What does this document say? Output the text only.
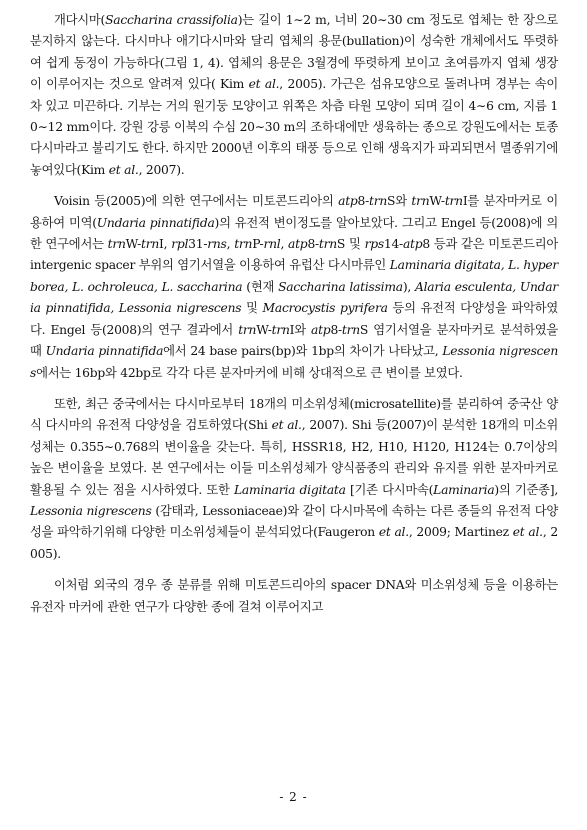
개다시마(Saccharina crassifolia)는 길이 1∼2 m, 너비 20∼30 cm 정도로 엽체는 한 장으로 분지하지 않는다. 다시마나 애기다시마와 달리 엽체의 용문(bullation)이 성숙한 개체에서도 뚜렷하여 쉽게 동정이 가능하다(그림 1, 4). 엽체의 용문은 3월경에 뚜렷하게 보이고 초여름까지 엽체 생장이 이루어지는 것으로 알려져 있다( Kim et al., 2005). 가근은 섬유모양으로 돌려나며 경부는 속이 차 있고 미끈하다. 기부는 거의 원기둥 모양이고 위쪽은 차츰 타원 모양이 되며 길이 4∼6 cm, 지름 10∼12 mm이다. 강원 강릉 이북의 수심 20∼30 m의 조하대에만 생육하는 종으로 강원도에서는 토종다시마라고 불리기도 한다. 하지만 2000년 이후의 태풍 등으로 인해 생육지가 파괴되면서 멸종위기에 놓여있다(Kim et al., 2007).

Voisin 등(2005)에 의한 연구에서는 미토콘드리아의 atp8-trnS와 trnW-trnI를 분자마커로 이용하여 미역(Undaria pinnatifida)의 유전적 변이정도를 알아보았다. 그리고 Engel 등(2008)에 의한 연구에서는 trnW-trnI, rpl31-rns, trnP-rnl, atp8-trnS 및 rps14-atp8 등과 같은 미토콘드리아 intergenic spacer 부위의 염기서열을 이용하여 유럽산 다시마류인 Laminaria digitata, L. hyperborea, L. ochroleuca, L. saccharina (현재 Saccharina latissima), Alaria esculenta, Undaria pinnatifida, Lessonia nigrescens 및 Macrocystis pyrifera 등의 유전적 다양성을 파악하였다. Engel 등(2008)의 연구 결과에서 trnW-trnI와 atp8-trnS 염기서열을 분자마커로 분석하였을 때 Undaria pinnatifida에서 24 base pairs(bp)와 1bp의 차이가 나타났고, Lessonia nigrescens에서는 16bp와 42bp로 각각 다른 분자마커에 비해 상대적으로 큰 변이를 보였다.

또한, 최근 중국에서는 다시마로부터 18개의 미소위성체(microsatellite)를 분리하여 중국산 양식 다시마의 유전적 다양성을 검토하였다(Shi et al., 2007). Shi 등(2007)이 분석한 18개의 미소위성체는 0.355∼0.768의 변이율을 갖는다. 특히, HSSR18, H2, H10, H120, H124는 0.7이상의 높은 변이율을 보였다. 본 연구에서는 이들 미소위성체가 양식품종의 관리와 유지를 위한 분자마커로 활용될 수 있는 점을 시사하였다. 또한 Laminaria digitata [기존 다시마속(Laminaria)의 기준종], Lessonia nigrescens (감태과, Lessoniaceae)와 같이 다시마목에 속하는 다른 종들의 유전적 다양성을 파악하기위해 다양한 미소위성체들이 분석되었다(Faugeron et al., 2009; Martinez et al., 2005).

이처럼 외국의 경우 종 분류를 위해 미토콘드리아의 spacer DNA와 미소위성체 등을 이용하는 유전자 마커에 관한 연구가 다양한 종에 걸쳐 이루어지고

- 2 -
